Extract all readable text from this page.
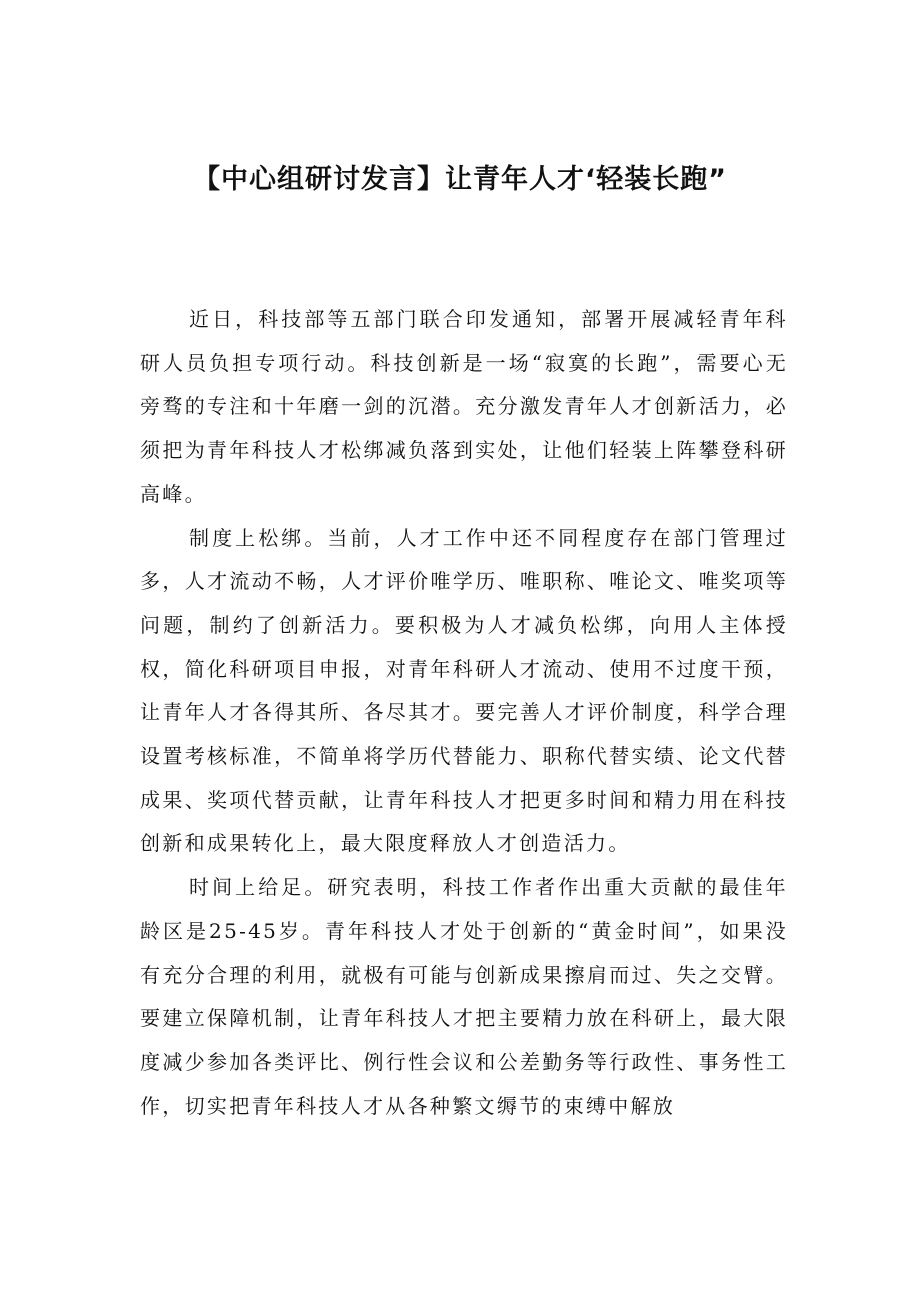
【中心组研讨发言】让青年人才‘轻装长跑”

近日，科技部等五部门联合印发通知，部署开展减轻青年科研人员负担专项行动。科技创新是一场“寂寞的长跑”，需要心无旁骛的专注和十年磨一剑的沉潜。充分激发青年人才创新活力，必须把为青年科技人才松绑减负落到实处，让他们轻装上阵攀登科研高峰。

制度上松绑。当前，人才工作中还不同程度存在部门管理过多，人才流动不畅，人才评价唯学历、唯职称、唯论文、唯奖项等问题，制约了创新活力。要积极为人才减负松绑，向用人主体授权，简化科研项目申报，对青年科研人才流动、使用不过度干预，让青年人才各得其所、各尽其才。要完善人才评价制度，科学合理设置考核标准，不简单将学历代替能力、职称代替实绩、论文代替成果、奖项代替贡献，让青年科技人才把更多时间和精力用在科技创新和成果转化上，最大限度释放人才创造活力。

时间上给足。研究表明，科技工作者作出重大贡献的最佳年龄区是25-45岁。青年科技人才处于创新的“黄金时间”，如果没有充分合理的利用，就极有可能与创新成果擦肩而过、失之交臂。要建立保障机制，让青年科技人才把主要精力放在科研上，最大限度减少参加各类评比、例行性会议和公差勤务等行政性、事务性工作，切实把青年科技人才从各种繁文缛节的束缚中解放
